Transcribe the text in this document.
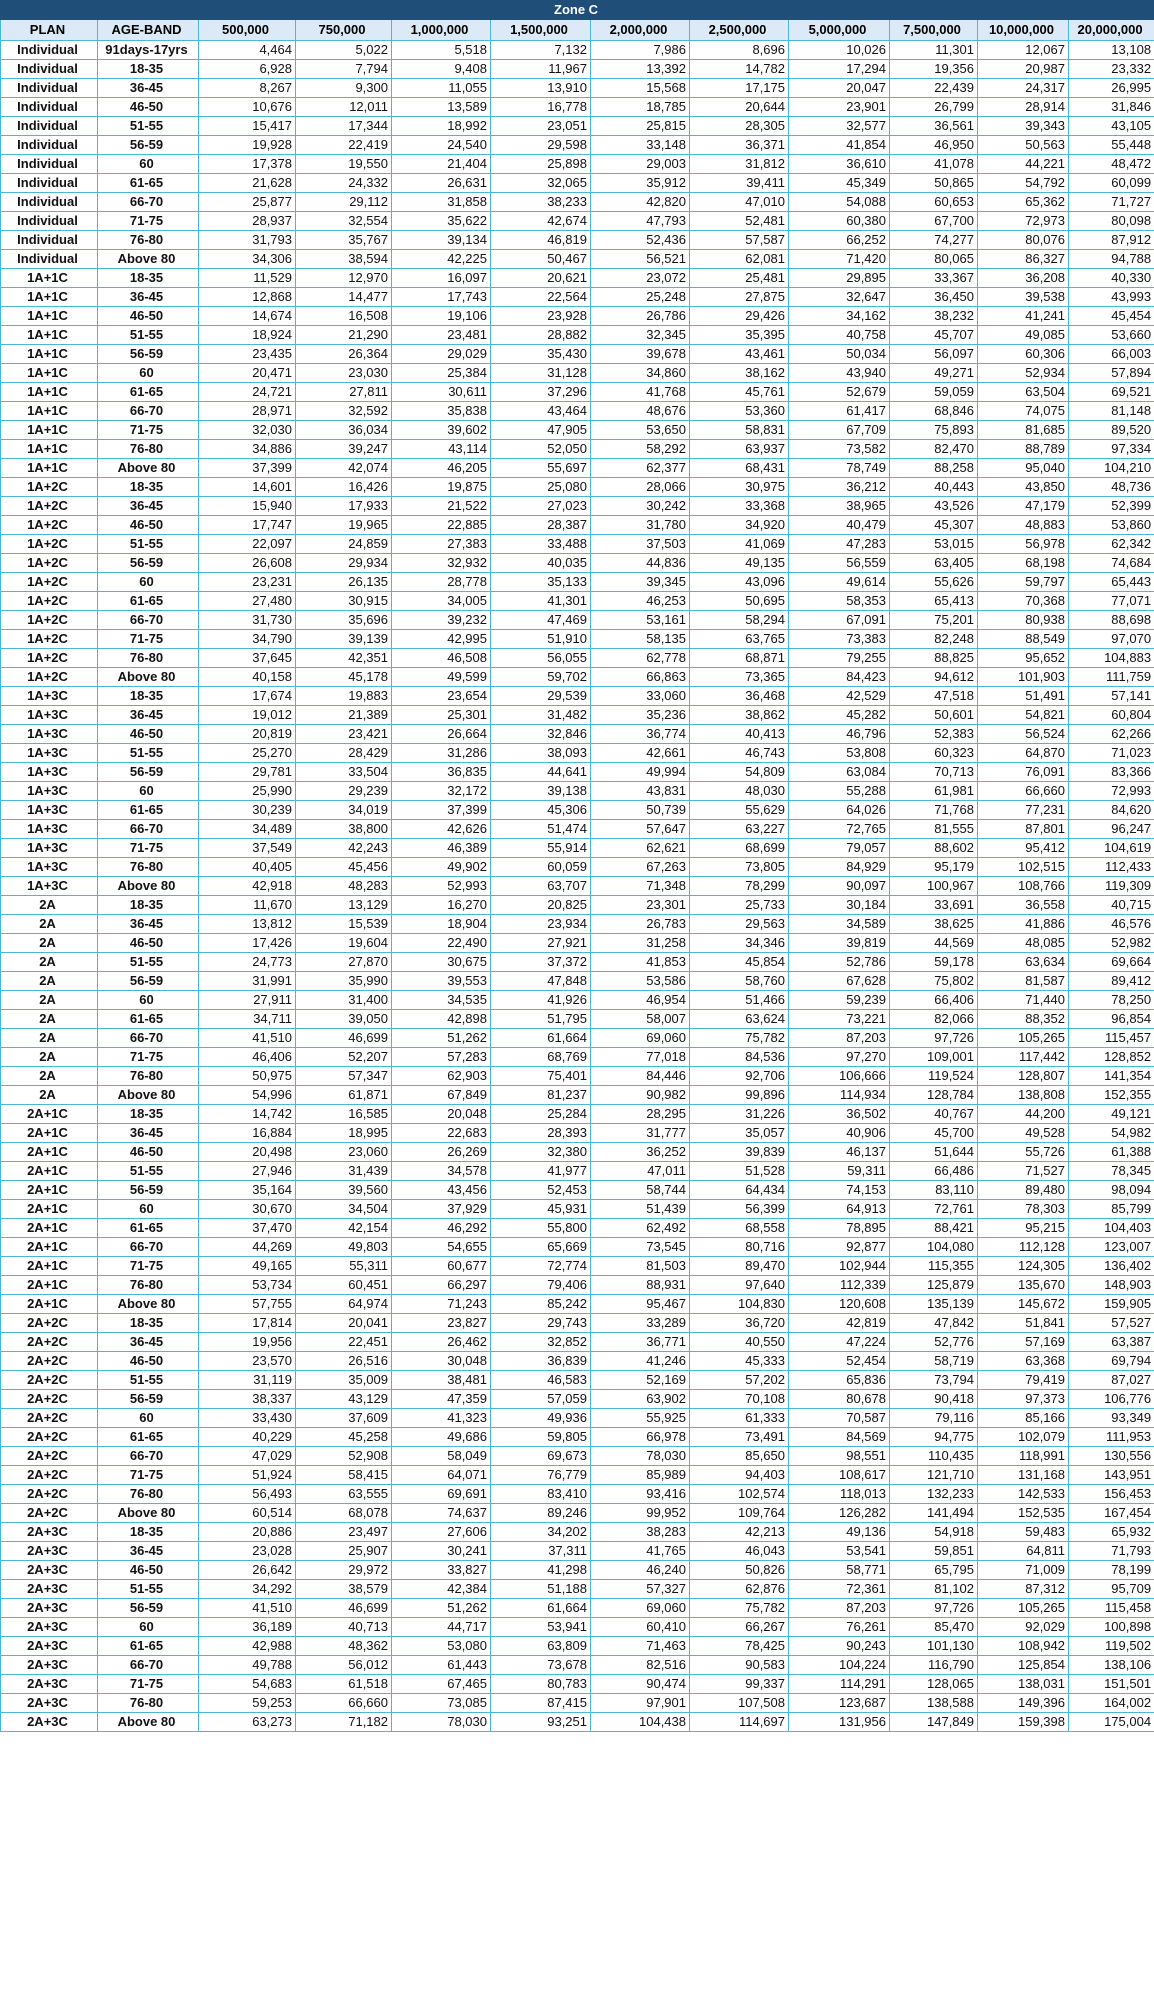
Zone C											
PLAN	AGE-BAND	500,000	750,000	1,000,000	1,500,000	2,000,000	2,500,000	5,000,000	7,500,000	10,000,000	20,000,000
Individual	91days-17yrs	4,464	5,022	5,518	7,132	7,986	8,696	10,026	11,301	12,067	13,108
Individual	18-35	6,928	7,794	9,408	11,967	13,392	14,782	17,294	19,356	20,987	23,332
Individual	36-45	8,267	9,300	11,055	13,910	15,568	17,175	20,047	22,439	24,317	26,995
Individual	46-50	10,676	12,011	13,589	16,778	18,785	20,644	23,901	26,799	28,914	31,846
Individual	51-55	15,417	17,344	18,992	23,051	25,815	28,305	32,577	36,561	39,343	43,105
Individual	56-59	19,928	22,419	24,540	29,598	33,148	36,371	41,854	46,950	50,563	55,448
Individual	60	17,378	19,550	21,404	25,898	29,003	31,812	36,610	41,078	44,221	48,472
Individual	61-65	21,628	24,332	26,631	32,065	35,912	39,411	45,349	50,865	54,792	60,099
Individual	66-70	25,877	29,112	31,858	38,233	42,820	47,010	54,088	60,653	65,362	71,727
Individual	71-75	28,937	32,554	35,622	42,674	47,793	52,481	60,380	67,700	72,973	80,098
Individual	76-80	31,793	35,767	39,134	46,819	52,436	57,587	66,252	74,277	80,076	87,912
Individual	Above 80	34,306	38,594	42,225	50,467	56,521	62,081	71,420	80,065	86,327	94,788
1A+1C	18-35	11,529	12,970	16,097	20,621	23,072	25,481	29,895	33,367	36,208	40,330
1A+1C	36-45	12,868	14,477	17,743	22,564	25,248	27,875	32,647	36,450	39,538	43,993
1A+1C	46-50	14,674	16,508	19,106	23,928	26,786	29,426	34,162	38,232	41,241	45,454
1A+1C	51-55	18,924	21,290	23,481	28,882	32,345	35,395	40,758	45,707	49,085	53,660
1A+1C	56-59	23,435	26,364	29,029	35,430	39,678	43,461	50,034	56,097	60,306	66,003
1A+1C	60	20,471	23,030	25,384	31,128	34,860	38,162	43,940	49,271	52,934	57,894
1A+1C	61-65	24,721	27,811	30,611	37,296	41,768	45,761	52,679	59,059	63,504	69,521
1A+1C	66-70	28,971	32,592	35,838	43,464	48,676	53,360	61,417	68,846	74,075	81,148
1A+1C	71-75	32,030	36,034	39,602	47,905	53,650	58,831	67,709	75,893	81,685	89,520
1A+1C	76-80	34,886	39,247	43,114	52,050	58,292	63,937	73,582	82,470	88,789	97,334
1A+1C	Above 80	37,399	42,074	46,205	55,697	62,377	68,431	78,749	88,258	95,040	104,210
1A+2C	18-35	14,601	16,426	19,875	25,080	28,066	30,975	36,212	40,443	43,850	48,736
1A+2C	36-45	15,940	17,933	21,522	27,023	30,242	33,368	38,965	43,526	47,179	52,399
1A+2C	46-50	17,747	19,965	22,885	28,387	31,780	34,920	40,479	45,307	48,883	53,860
1A+2C	51-55	22,097	24,859	27,383	33,488	37,503	41,069	47,283	53,015	56,978	62,342
1A+2C	56-59	26,608	29,934	32,932	40,035	44,836	49,135	56,559	63,405	68,198	74,684
1A+2C	60	23,231	26,135	28,778	35,133	39,345	43,096	49,614	55,626	59,797	65,443
1A+2C	61-65	27,480	30,915	34,005	41,301	46,253	50,695	58,353	65,413	70,368	77,071
1A+2C	66-70	31,730	35,696	39,232	47,469	53,161	58,294	67,091	75,201	80,938	88,698
1A+2C	71-75	34,790	39,139	42,995	51,910	58,135	63,765	73,383	82,248	88,549	97,070
1A+2C	76-80	37,645	42,351	46,508	56,055	62,778	68,871	79,255	88,825	95,652	104,883
1A+2C	Above 80	40,158	45,178	49,599	59,702	66,863	73,365	84,423	94,612	101,903	111,759
1A+3C	18-35	17,674	19,883	23,654	29,539	33,060	36,468	42,529	47,518	51,491	57,141
1A+3C	36-45	19,012	21,389	25,301	31,482	35,236	38,862	45,282	50,601	54,821	60,804
1A+3C	46-50	20,819	23,421	26,664	32,846	36,774	40,413	46,796	52,383	56,524	62,266
1A+3C	51-55	25,270	28,429	31,286	38,093	42,661	46,743	53,808	60,323	64,870	71,023
1A+3C	56-59	29,781	33,504	36,835	44,641	49,994	54,809	63,084	70,713	76,091	83,366
1A+3C	60	25,990	29,239	32,172	39,138	43,831	48,030	55,288	61,981	66,660	72,993
1A+3C	61-65	30,239	34,019	37,399	45,306	50,739	55,629	64,026	71,768	77,231	84,620
1A+3C	66-70	34,489	38,800	42,626	51,474	57,647	63,227	72,765	81,555	87,801	96,247
1A+3C	71-75	37,549	42,243	46,389	55,914	62,621	68,699	79,057	88,602	95,412	104,619
1A+3C	76-80	40,405	45,456	49,902	60,059	67,263	73,805	84,929	95,179	102,515	112,433
1A+3C	Above 80	42,918	48,283	52,993	63,707	71,348	78,299	90,097	100,967	108,766	119,309
2A	18-35	11,670	13,129	16,270	20,825	23,301	25,733	30,184	33,691	36,558	40,715
2A	36-45	13,812	15,539	18,904	23,934	26,783	29,563	34,589	38,625	41,886	46,576
2A	46-50	17,426	19,604	22,490	27,921	31,258	34,346	39,819	44,569	48,085	52,982
2A	51-55	24,773	27,870	30,675	37,372	41,853	45,854	52,786	59,178	63,634	69,664
2A	56-59	31,991	35,990	39,553	47,848	53,586	58,760	67,628	75,802	81,587	89,412
2A	60	27,911	31,400	34,535	41,926	46,954	51,466	59,239	66,406	71,440	78,250
2A	61-65	34,711	39,050	42,898	51,795	58,007	63,624	73,221	82,066	88,352	96,854
2A	66-70	41,510	46,699	51,262	61,664	69,060	75,782	87,203	97,726	105,265	115,457
2A	71-75	46,406	52,207	57,283	68,769	77,018	84,536	97,270	109,001	117,442	128,852
2A	76-80	50,975	57,347	62,903	75,401	84,446	92,706	106,666	119,524	128,807	141,354
2A	Above 80	54,996	61,871	67,849	81,237	90,982	99,896	114,934	128,784	138,808	152,355
2A+1C	18-35	14,742	16,585	20,048	25,284	28,295	31,226	36,502	40,767	44,200	49,121
2A+1C	36-45	16,884	18,995	22,683	28,393	31,777	35,057	40,906	45,700	49,528	54,982
2A+1C	46-50	20,498	23,060	26,269	32,380	36,252	39,839	46,137	51,644	55,726	61,388
2A+1C	51-55	27,946	31,439	34,578	41,977	47,011	51,528	59,311	66,486	71,527	78,345
2A+1C	56-59	35,164	39,560	43,456	52,453	58,744	64,434	74,153	83,110	89,480	98,094
2A+1C	60	30,670	34,504	37,929	45,931	51,439	56,399	64,913	72,761	78,303	85,799
2A+1C	61-65	37,470	42,154	46,292	55,800	62,492	68,558	78,895	88,421	95,215	104,403
2A+1C	66-70	44,269	49,803	54,655	65,669	73,545	80,716	92,877	104,080	112,128	123,007
2A+1C	71-75	49,165	55,311	60,677	72,774	81,503	89,470	102,944	115,355	124,305	136,402
2A+1C	76-80	53,734	60,451	66,297	79,406	88,931	97,640	112,339	125,879	135,670	148,903
2A+1C	Above 80	57,755	64,974	71,243	85,242	95,467	104,830	120,608	135,139	145,672	159,905
2A+2C	18-35	17,814	20,041	23,827	29,743	33,289	36,720	42,819	47,842	51,841	57,527
2A+2C	36-45	19,956	22,451	26,462	32,852	36,771	40,550	47,224	52,776	57,169	63,387
2A+2C	46-50	23,570	26,516	30,048	36,839	41,246	45,333	52,454	58,719	63,368	69,794
2A+2C	51-55	31,119	35,009	38,481	46,583	52,169	57,202	65,836	73,794	79,419	87,027
2A+2C	56-59	38,337	43,129	47,359	57,059	63,902	70,108	80,678	90,418	97,373	106,776
2A+2C	60	33,430	37,609	41,323	49,936	55,925	61,333	70,587	79,116	85,166	93,349
2A+2C	61-65	40,229	45,258	49,686	59,805	66,978	73,491	84,569	94,775	102,079	111,953
2A+2C	66-70	47,029	52,908	58,049	69,673	78,030	85,650	98,551	110,435	118,991	130,556
2A+2C	71-75	51,924	58,415	64,071	76,779	85,989	94,403	108,617	121,710	131,168	143,951
2A+2C	76-80	56,493	63,555	69,691	83,410	93,416	102,574	118,013	132,233	142,533	156,453
2A+2C	Above 80	60,514	68,078	74,637	89,246	99,952	109,764	126,282	141,494	152,535	167,454
2A+3C	18-35	20,886	23,497	27,606	34,202	38,283	42,213	49,136	54,918	59,483	65,932
2A+3C	36-45	23,028	25,907	30,241	37,311	41,765	46,043	53,541	59,851	64,811	71,793
2A+3C	46-50	26,642	29,972	33,827	41,298	46,240	50,826	58,771	65,795	71,009	78,199
2A+3C	51-55	34,292	38,579	42,384	51,188	57,327	62,876	72,361	81,102	87,312	95,709
2A+3C	56-59	41,510	46,699	51,262	61,664	69,060	75,782	87,203	97,726	105,265	115,458
2A+3C	60	36,189	40,713	44,717	53,941	60,410	66,267	76,261	85,470	92,029	100,898
2A+3C	61-65	42,988	48,362	53,080	63,809	71,463	78,425	90,243	101,130	108,942	119,502
2A+3C	66-70	49,788	56,012	61,443	73,678	82,516	90,583	104,224	116,790	125,854	138,106
2A+3C	71-75	54,683	61,518	67,465	80,783	90,474	99,337	114,291	128,065	138,031	151,501
2A+3C	76-80	59,253	66,660	73,085	87,415	97,901	107,508	123,687	138,588	149,396	164,002
2A+3C	Above 80	63,273	71,182	78,030	93,251	104,438	114,697	131,956	147,849	159,398	175,004
